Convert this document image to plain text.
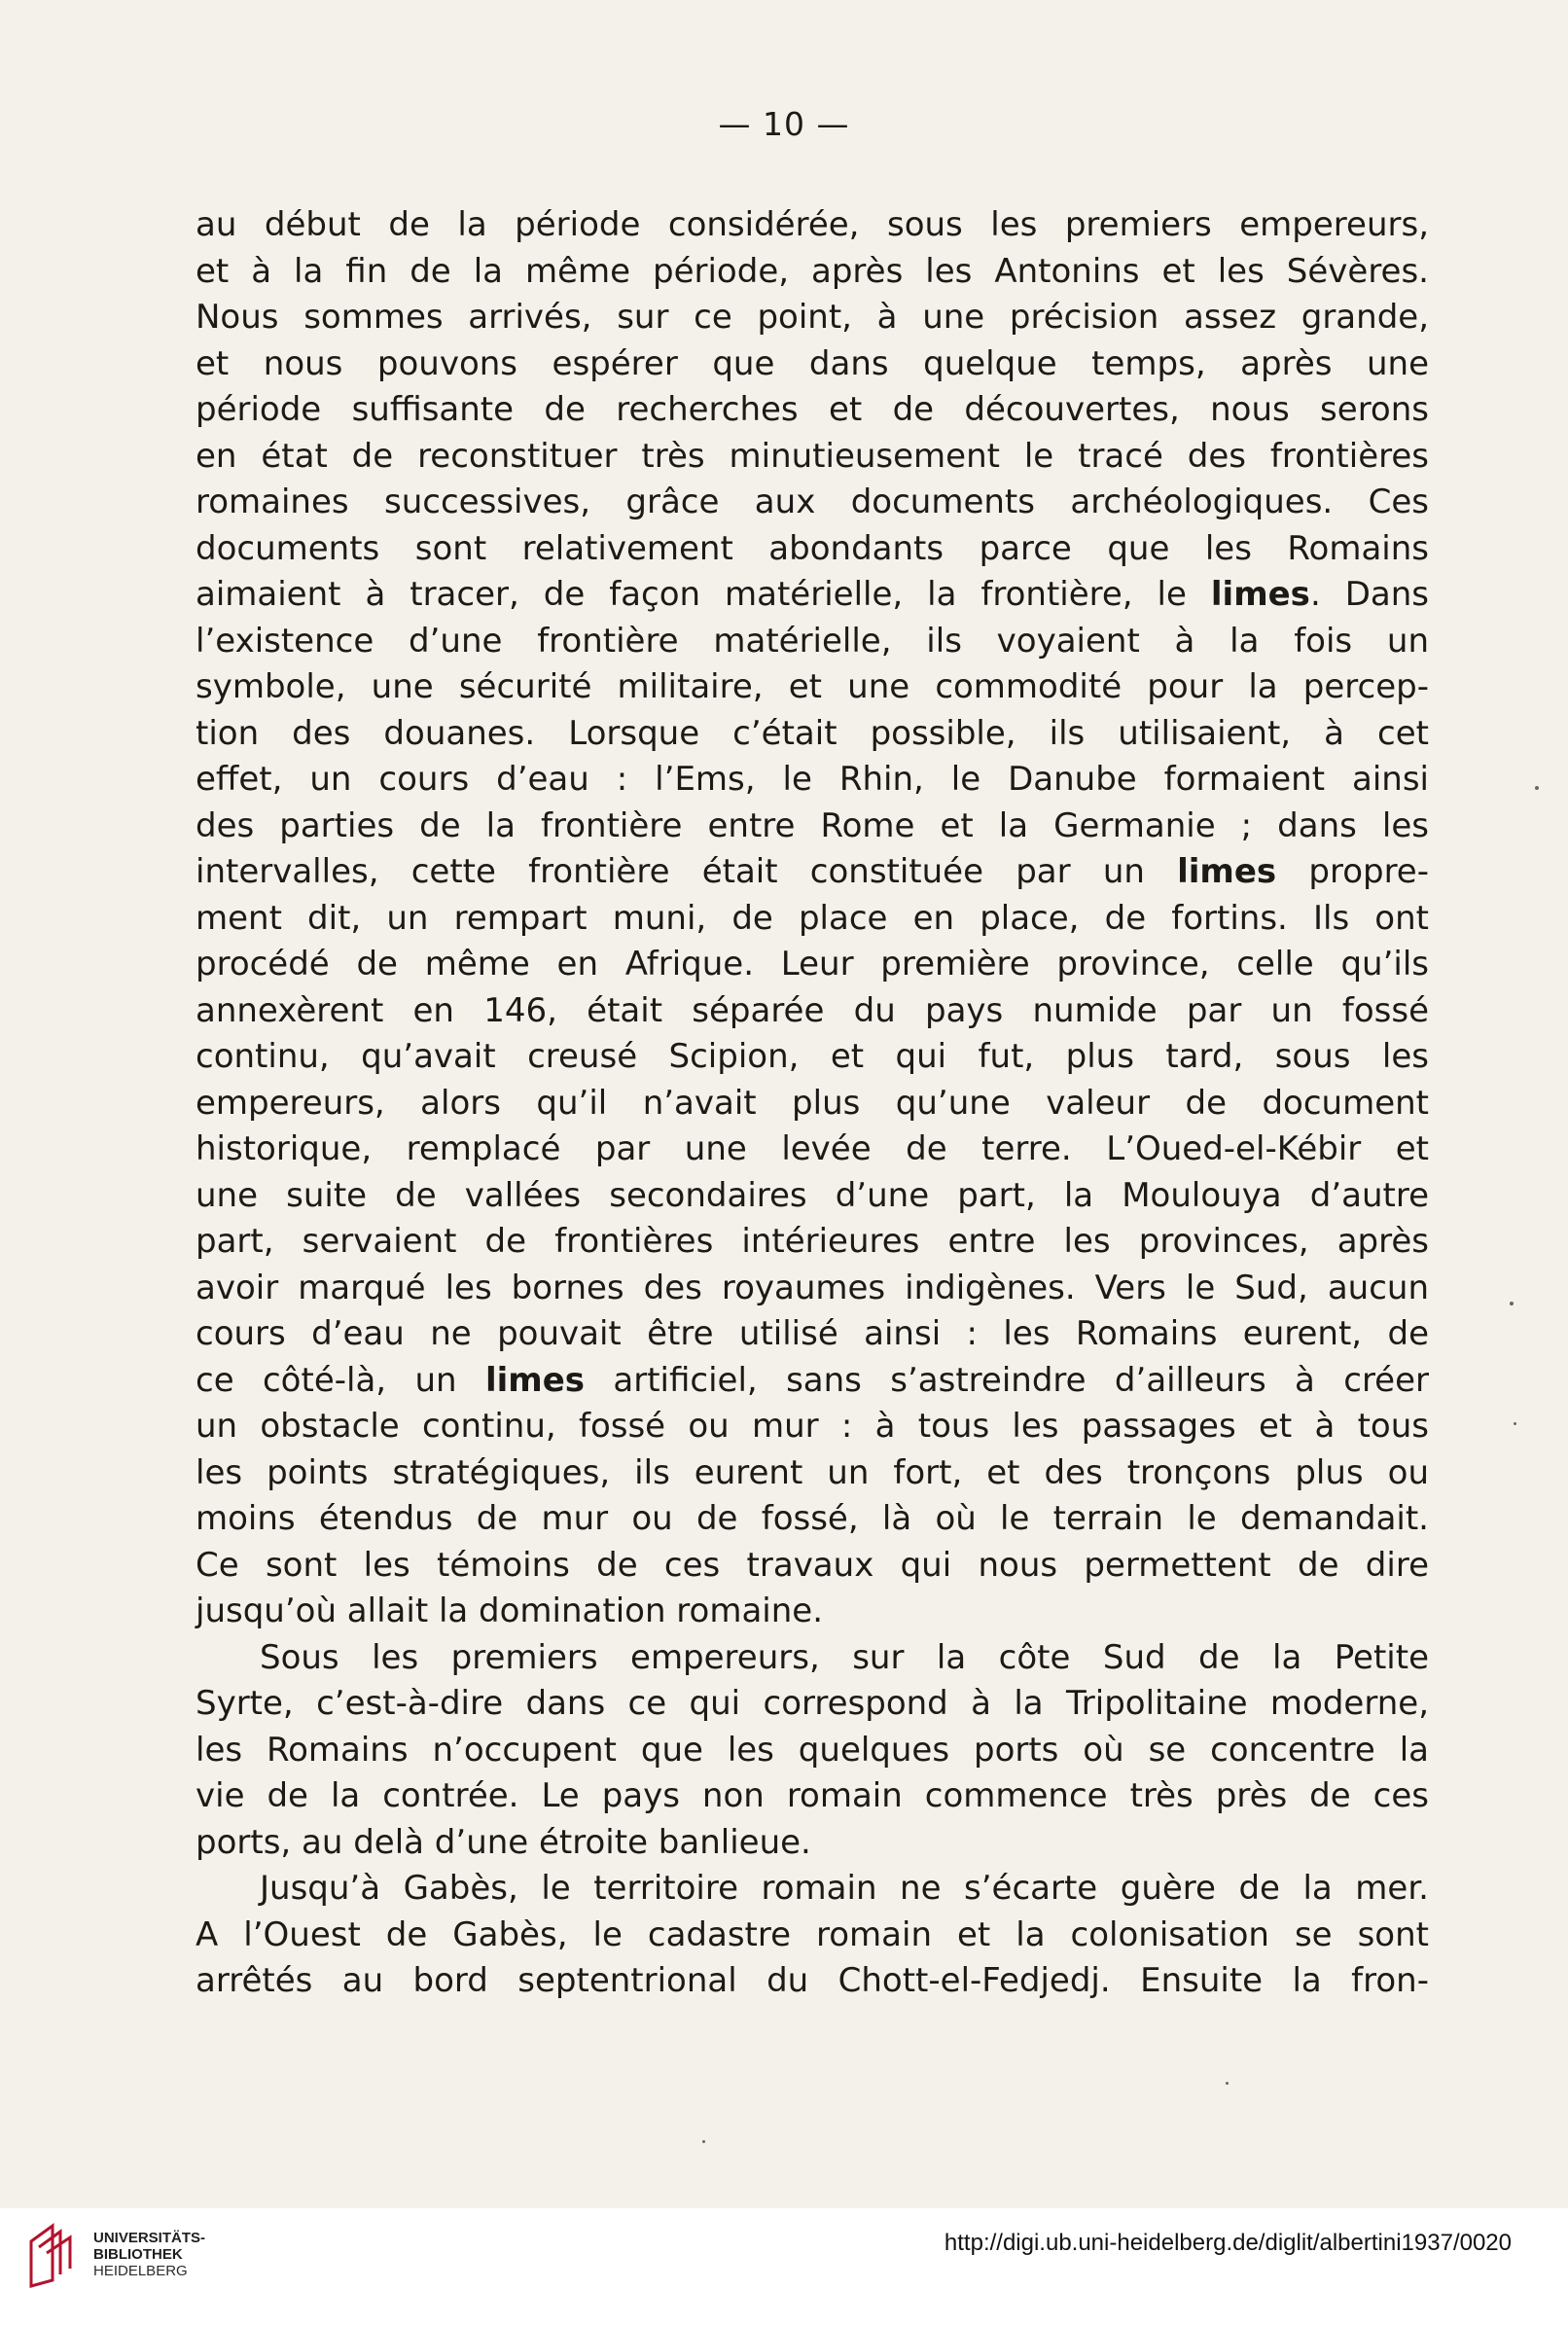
— 10 —
au début de la période considérée, sous les premiers empereurs,
et à la fin de la même période, après les Antonins et les Sévères.
Nous sommes arrivés, sur ce point, à une précision assez grande,
et nous pouvons espérer que dans quelque temps, après une
période suffisante de recherches et de découvertes, nous serons
en état de reconstituer très minutieusement le tracé des frontières
romaines successives, grâce aux documents archéologiques. Ces
documents sont relativement abondants parce que les Romains
aimaient à tracer, de façon matérielle, la frontière, le limes. Dans
l’existence d’une frontière matérielle, ils voyaient à la fois un
symbole, une sécurité militaire, et une commodité pour la percep-
tion des douanes. Lorsque c’était possible, ils utilisaient, à cet
effet, un cours d’eau : l’Ems, le Rhin, le Danube formaient ainsi
des parties de la frontière entre Rome et la Germanie ; dans les
intervalles, cette frontière était constituée par un limes propre-
ment dit, un rempart muni, de place en place, de fortins. Ils ont
procédé de même en Afrique. Leur première province, celle qu’ils
annexèrent en 146, était séparée du pays numide par un fossé
continu, qu’avait creusé Scipion, et qui fut, plus tard, sous les
empereurs, alors qu’il n’avait plus qu’une valeur de document
historique, remplacé par une levée de terre. L’Oued-el-Kébir et
une suite de vallées secondaires d’une part, la Moulouya d’autre
part, servaient de frontières intérieures entre les provinces, après
avoir marqué les bornes des royaumes indigènes. Vers le Sud, aucun
cours d’eau ne pouvait être utilisé ainsi : les Romains eurent, de
ce côté-là, un limes artificiel, sans s’astreindre d’ailleurs à créer
un obstacle continu, fossé ou mur : à tous les passages et à tous
les points stratégiques, ils eurent un fort, et des tronçons plus ou
moins étendus de mur ou de fossé, là où le terrain le demandait.
Ce sont les témoins de ces travaux qui nous permettent de dire
jusqu’où allait la domination romaine.
Sous les premiers empereurs, sur la côte Sud de la Petite
Syrte, c’est-à-dire dans ce qui correspond à la Tripolitaine moderne,
les Romains n’occupent que les quelques ports où se concentre la
vie de la contrée. Le pays non romain commence très près de ces
ports, au delà d’une étroite banlieue.
Jusqu’à Gabès, le territoire romain ne s’écarte guère de la mer.
A l’Ouest de Gabès, le cadastre romain et la colonisation se sont
arrêtés au bord septentrional du Chott-el-Fedjedj. Ensuite la fron-
UNIVERSITÄTS-
BIBLIOTHEK
HEIDELBERG
http://digi.ub.uni-heidelberg.de/diglit/albertini1937/0020
